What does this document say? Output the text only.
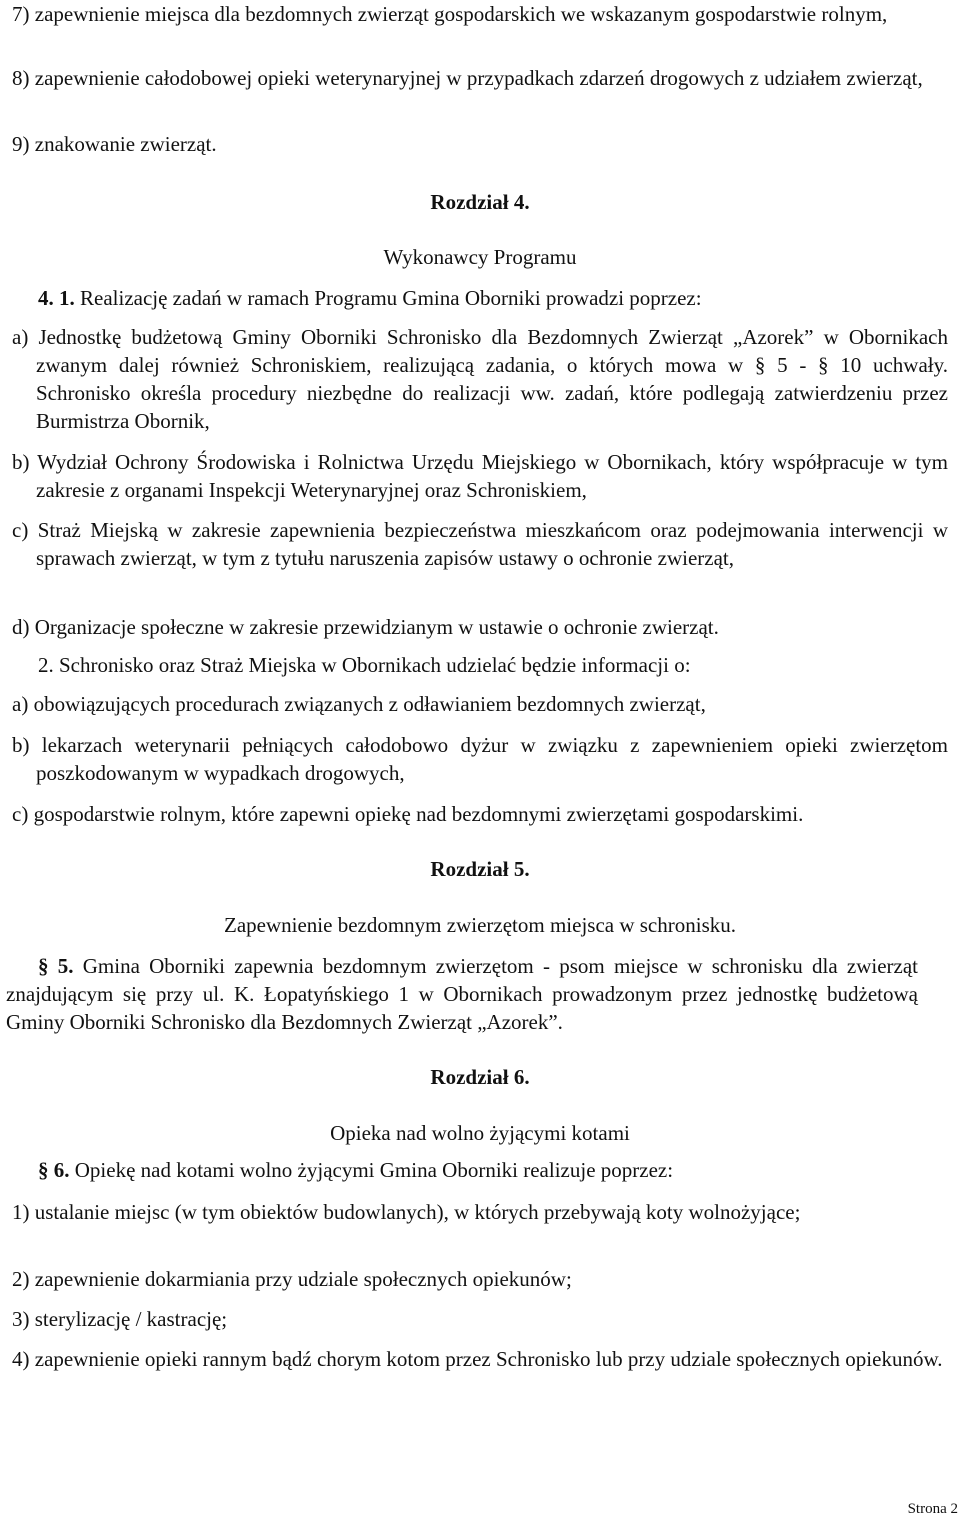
7) zapewnienie miejsca dla bezdomnych zwierząt gospodarskich we wskazanym gospodarstwie rolnym,
8) zapewnienie całodobowej opieki weterynaryjnej w przypadkach zdarzeń drogowych z udziałem zwierząt,
9) znakowanie zwierząt.
Rozdział 4.
Wykonawcy Programu
4. 1. Realizację zadań w ramach Programu Gmina Oborniki prowadzi poprzez:
a) Jednostkę budżetową Gminy Oborniki Schronisko dla Bezdomnych Zwierząt „Azorek” w Obornikach zwanym dalej również Schroniskiem, realizującą zadania, o których mowa w § 5 - § 10 uchwały. Schronisko określa procedury niezbędne do realizacji ww. zadań, które podlegają zatwierdzeniu przez Burmistrza Obornik,
b) Wydział Ochrony Środowiska i Rolnictwa Urzędu Miejskiego w Obornikach, który współpracuje w tym zakresie z organami Inspekcji Weterynaryjnej oraz Schroniskiem,
c) Straż Miejską w zakresie zapewnienia bezpieczeństwa mieszkańcom oraz podejmowania interwencji w sprawach zwierząt, w tym z tytułu naruszenia zapisów ustawy o ochronie zwierząt,
d) Organizacje społeczne w zakresie przewidzianym w ustawie o ochronie zwierząt.
2. Schronisko oraz Straż Miejska w Obornikach udzielać będzie informacji o:
a) obowiązujących procedurach związanych z odławianiem bezdomnych zwierząt,
b) lekarzach weterynarii pełniących całodobowo dyżur w związku z zapewnieniem opieki zwierzętom poszkodowanym w wypadkach drogowych,
c) gospodarstwie rolnym, które zapewni opiekę nad bezdomnymi zwierzętami gospodarskimi.
Rozdział 5.
Zapewnienie bezdomnym zwierzętom miejsca w schronisku.
§ 5. Gmina Oborniki zapewnia bezdomnym zwierzętom - psom miejsce w schronisku dla zwierząt znajdującym się przy ul. K. Łopatyńskiego 1 w Obornikach prowadzonym przez jednostkę budżetową Gminy Oborniki Schronisko dla Bezdomnych Zwierząt „Azorek”.
Rozdział 6.
Opieka nad wolno żyjącymi kotami
§ 6. Opiekę nad kotami wolno żyjącymi Gmina Oborniki realizuje poprzez:
1) ustalanie miejsc (w tym obiektów budowlanych), w których przebywają koty wolnożyjące;
2) zapewnienie dokarmiania przy udziale społecznych opiekunów;
3) sterylizację / kastrację;
4) zapewnienie opieki rannym bądź chorym kotom przez Schronisko lub przy udziale społecznych opiekunów.
Strona 2
